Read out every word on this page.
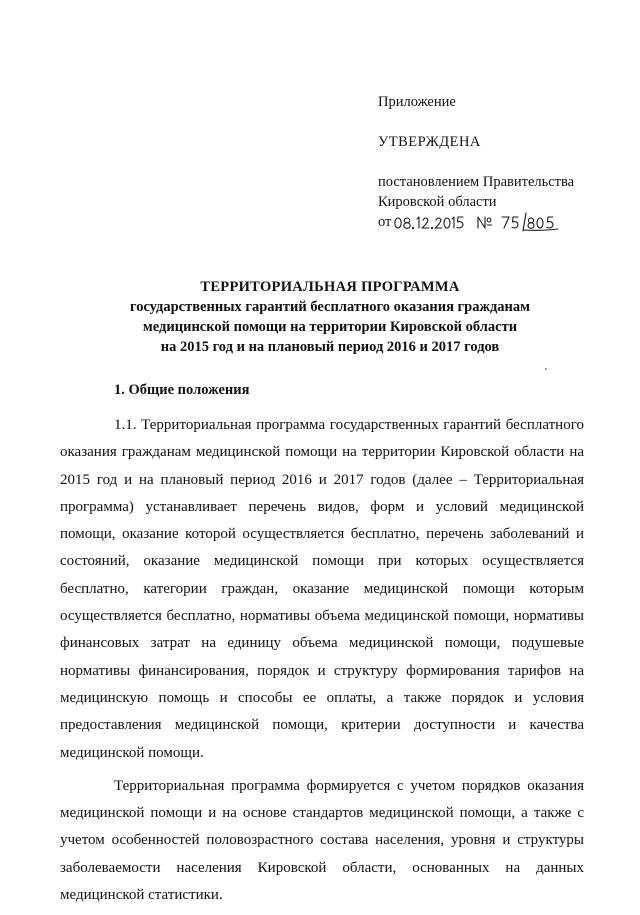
Приложение
УТВЕРЖДЕНА
постановлением Правительства
Кировской области
от
ТЕРРИТОРИАЛЬНАЯ ПРОГРАММА
государственных гарантий бесплатного оказания гражданам
медицинской помощи на территории Кировской области
на 2015 год и на плановый период 2016 и 2017 годов
1. Общие положения

1.1. Территориальная программа государственных гарантий бесплатного оказания гражданам медицинской помощи на территории Кировской области на 2015 год и на плановый период 2016 и 2017 годов (далее – Территориальная программа) устанавливает перечень видов, форм и условий медицинской помощи, оказание которой осуществляется бесплатно, перечень заболеваний и состояний, оказание медицинской помощи при которых осуществляется бесплатно, категории граждан, оказание медицинской помощи которым осуществляется бесплатно, нормативы объема медицинской помощи, нормативы финансовых затрат на единицу объема медицинской помощи, подушевые нормативы финансирования, порядок и структуру формирования тарифов на медицинскую помощь и способы ее оплаты, а также порядок и условия предоставления медицинской помощи, критерии доступности и качества медицинской помощи.

Территориальная программа формируется с учетом порядков оказания медицинской помощи и на основе стандартов медицинской помощи, а также с учетом особенностей половозрастного состава населения, уровня и структуры заболеваемости населения Кировской области, основанных на данных медицинской статистики.
